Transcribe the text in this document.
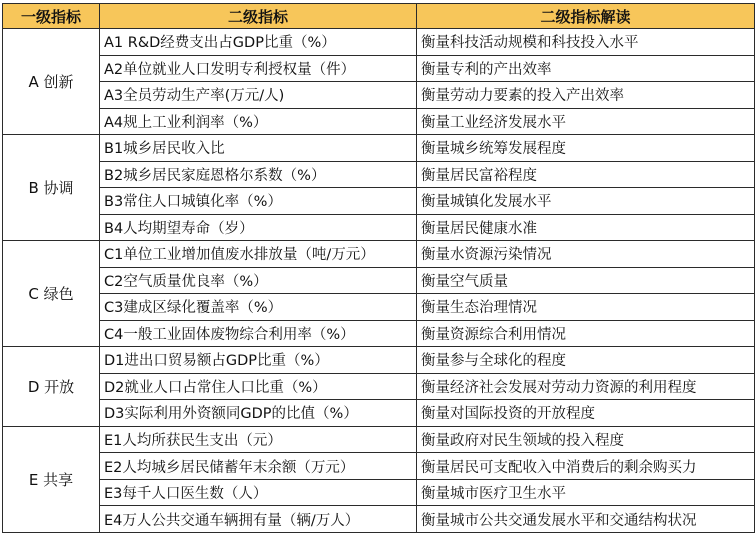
一级指标	二级指标	二级指标解读
A 创新	A1 R&D经费支出占GDP比重（%）	衡量科技活动规模和科技投入水平
	A2单位就业人口发明专利授权量（件）	衡量专利的产出效率
	A3全员劳动生产率(万元/人)	衡量劳动力要素的投入产出效率
	A4规上工业利润率（%）	衡量工业经济发展水平
B 协调	B1城乡居民收入比	衡量城乡统筹发展程度
	B2城乡居民家庭恩格尔系数（%）	衡量居民富裕程度
	B3常住人口城镇化率（%）	衡量城镇化发展水平
	B4人均期望寿命（岁）	衡量居民健康水准
C 绿色	C1单位工业增加值废水排放量（吨/万元）	衡量水资源污染情况
	C2空气质量优良率（%）	衡量空气质量
	C3建成区绿化覆盖率（%）	衡量生态治理情况
	C4一般工业固体废物综合利用率（%）	衡量资源综合利用情况
D 开放	D1进出口贸易额占GDP比重（%）	衡量参与全球化的程度
	D2就业人口占常住人口比重（%）	衡量经济社会发展对劳动力资源的利用程度
	D3实际利用外资额同GDP的比值（%）	衡量对国际投资的开放程度
E 共享	E1人均所获民生支出（元）	衡量政府对民生领域的投入程度
	E2人均城乡居民储蓄年末余额（万元）	衡量居民可支配收入中消费后的剩余购买力
	E3每千人口医生数（人）	衡量城市医疗卫生水平
	E4万人公共交通车辆拥有量（辆/万人）	衡量城市公共交通发展水平和交通结构状况
